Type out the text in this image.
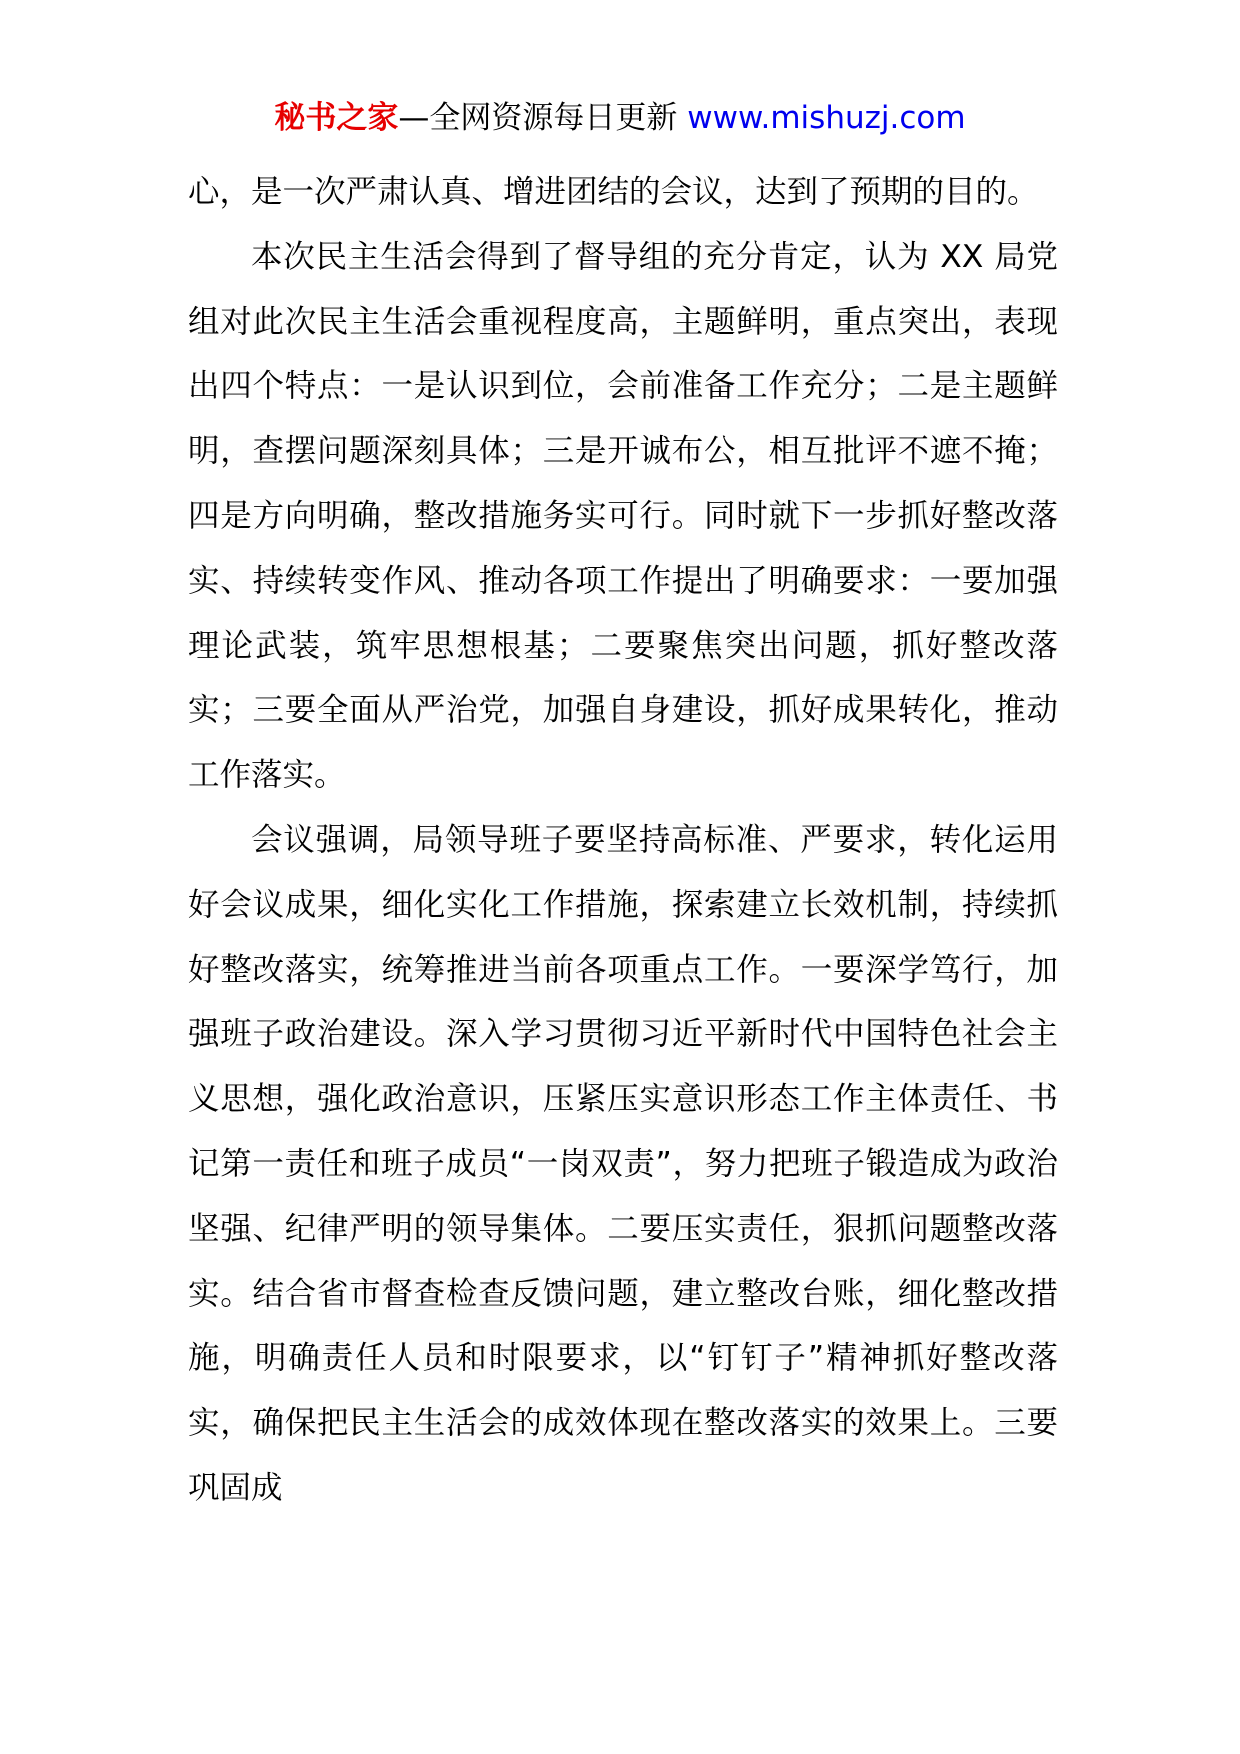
秘书之家—全网资源每日更新 www.mishuzj.com

心，是一次严肃认真、增进团结的会议，达到了预期的目的。

本次民主生活会得到了督导组的充分肯定，认为 XX 局党组对此次民主生活会重视程度高，主题鲜明，重点突出，表现出四个特点：一是认识到位，会前准备工作充分；二是主题鲜明，查摆问题深刻具体；三是开诚布公，相互批评不遮不掩；四是方向明确，整改措施务实可行。同时就下一步抓好整改落实、持续转变作风、推动各项工作提出了明确要求：一要加强理论武装，筑牢思想根基；二要聚焦突出问题，抓好整改落实；三要全面从严治党，加强自身建设，抓好成果转化，推动工作落实。

会议强调，局领导班子要坚持高标准、严要求，转化运用好会议成果，细化实化工作措施，探索建立长效机制，持续抓好整改落实，统筹推进当前各项重点工作。一要深学笃行，加强班子政治建设。深入学习贯彻习近平新时代中国特色社会主义思想，强化政治意识，压紧压实意识形态工作主体责任、书记第一责任和班子成员“一岗双责”，努力把班子锻造成为政治坚强、纪律严明的领导集体。二要压实责任，狠抓问题整改落实。结合省市督查检查反馈问题，建立整改台账，细化整改措施，明确责任人员和时限要求，以“钉钉子”精神抓好整改落实，确保把民主生活会的成效体现在整改落实的效果上。三要巩固成
